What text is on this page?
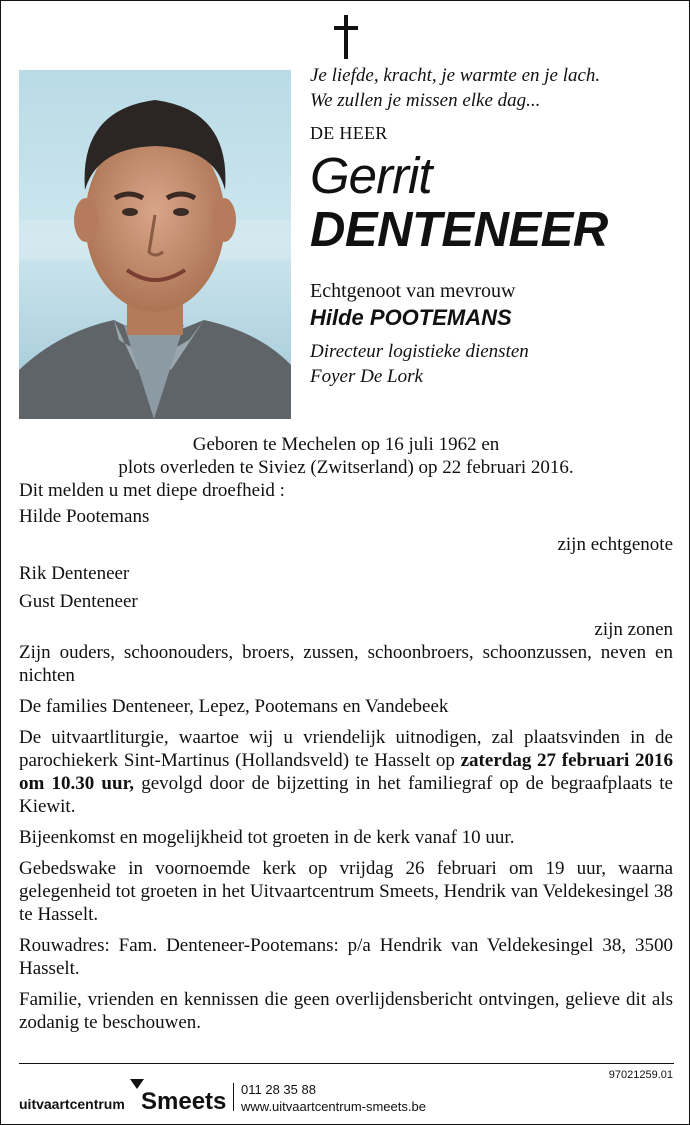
Je liefde, kracht, je warmte en je lach.

We zullen je missen elke dag...

DE HEER
Gerrit
DENTENEER
Echtgenoot van mevrouw
Hilde POOTEMANS
Directeur logistieke diensten
Foyer De Lork

Geboren te Mechelen op 16 juli 1962 en

plots overleden te Siviez (Zwitserland) op 22 februari 2016.

Dit melden u met diepe droefheid :

Hilde Pootemans

zijn echtgenote

Rik Denteneer

Gust Denteneer

zijn zonen

Zijn ouders, schoonouders, broers, zussen, schoonbroers, schoonzussen, neven en nichten

De families Denteneer, Lepez, Pootemans en Vandebeek

De uitvaartliturgie, waartoe wij u vriendelijk uitnodigen, zal plaatsvinden in de parochiekerk Sint-Martinus (Hollandsveld) te Hasselt op zaterdag 27 februari 2016 om 10.30 uur, gevolgd door de bijzetting in het familiegraf op de begraafplaats te Kiewit.

Bijeenkomst en mogelijkheid tot groeten in de kerk vanaf 10 uur.

Gebedswake in voornoemde kerk op vrijdag 26 februari om 19 uur, waarna gelegenheid tot groeten in het Uitvaartcentrum Smeets, Hendrik van Veldekesingel 38 te Hasselt.

Rouwadres: Fam. Denteneer-Pootemans: p/a Hendrik van Veldekesingel 38, 3500 Hasselt.

Familie, vrienden en kennissen die geen overlijdensbericht ontvingen, gelieve dit als zodanig te beschouwen.

97021259.01
uitvaartcentrum Smeets 011 28 35 88
www.uitvaartcentrum-smeets.be
